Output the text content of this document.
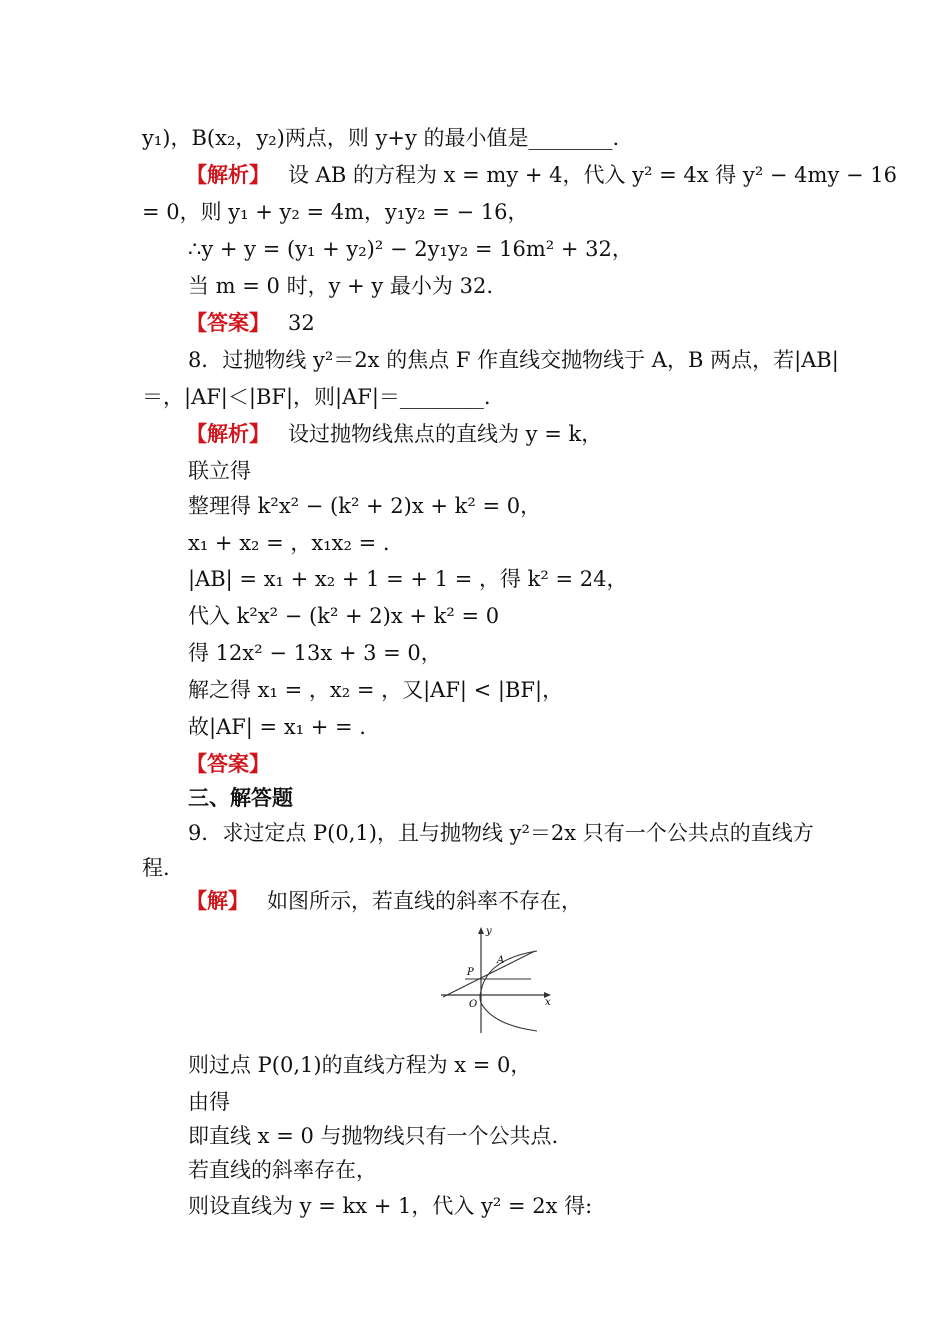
y₁)，B(x₂，y₂)两点，则 y+y 的最小值是________.
【解析】 设 AB 的方程为 x = my + 4，代入 y² = 4x 得 y² − 4my − 16
= 0，则 y₁ + y₂ = 4m，y₁y₂ = − 16，
∴y + y = (y₁ + y₂)² − 2y₁y₂ = 16m² + 32，
当 m = 0 时，y + y 最小为 32.
【答案】 32
8．过抛物线 y²＝2x 的焦点 F 作直线交抛物线于 A，B 两点，若|AB|
＝，|AF|＜|BF|，则|AF|＝________.
【解析】 设过抛物线焦点的直线为 y = k，
联立得
整理得 k²x² − (k² + 2)x + k² = 0，
x₁ + x₂ = ，x₁x₂ = .
|AB| = x₁ + x₂ + 1 = + 1 = ，得 k² = 24，
代入 k²x² − (k² + 2)x + k² = 0
得 12x² − 13x + 3 = 0，
解之得 x₁ = ，x₂ = ，又|AF| < |BF|，
故|AF| = x₁ + = .
【答案】
三、解答题
9．求过定点 P(0,1)，且与抛物线 y²＝2x 只有一个公共点的直线方
程.
【解】 如图所示，若直线的斜率不存在，
y
x
A
P
O
则过点 P(0,1)的直线方程为 x = 0，
由得
即直线 x = 0 与抛物线只有一个公共点.
若直线的斜率存在，
则设直线为 y = kx + 1，代入 y² = 2x 得:
